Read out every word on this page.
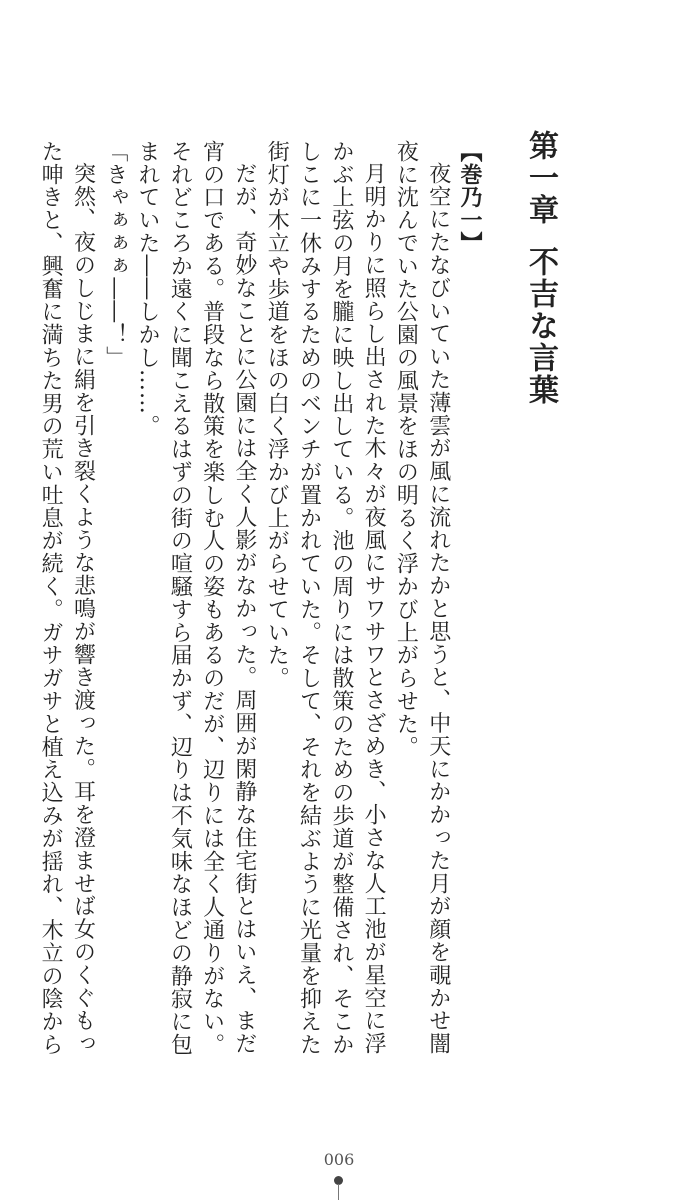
第一章不吉な言葉
【巻乃一】
夜空にたなびいていた薄雲が風に流れたかと思うと、中天にかかった月が顔を覗かせ闇
夜に沈んでいた公園の風景をほの明るく浮かび上がらせた。
月明かりに照らし出された木々が夜風にサワサワとさざめき、小さな人工池が星空に浮
かぶ上弦の月を朧に映し出している。池の周りには散策のための歩道が整備され、そこか
しこに一休みするためのベンチが置かれていた。そして、それを結ぶように光量を抑えた
街灯が木立や歩道をほの白く浮かび上がらせていた。
だが、奇妙なことに公園には全く人影がなかった。周囲が閑静な住宅街とはいえ、まだ
宵の口である。普段なら散策を楽しむ人の姿もあるのだが、辺りには全く人通りがない。
それどころか遠くに聞こえるはずの街の喧騒すら届かず、辺りは不気味なほどの静寂に包
まれていた――しかし……。
「きゃぁぁぁ――！」
突然、夜のしじまに絹を引き裂くような悲鳴が響き渡った。耳を澄ませば女のくぐもっ
た呻きと、興奮に満ちた男の荒い吐息が続く。ガサガサと植え込みが揺れ、木立の陰から
006
